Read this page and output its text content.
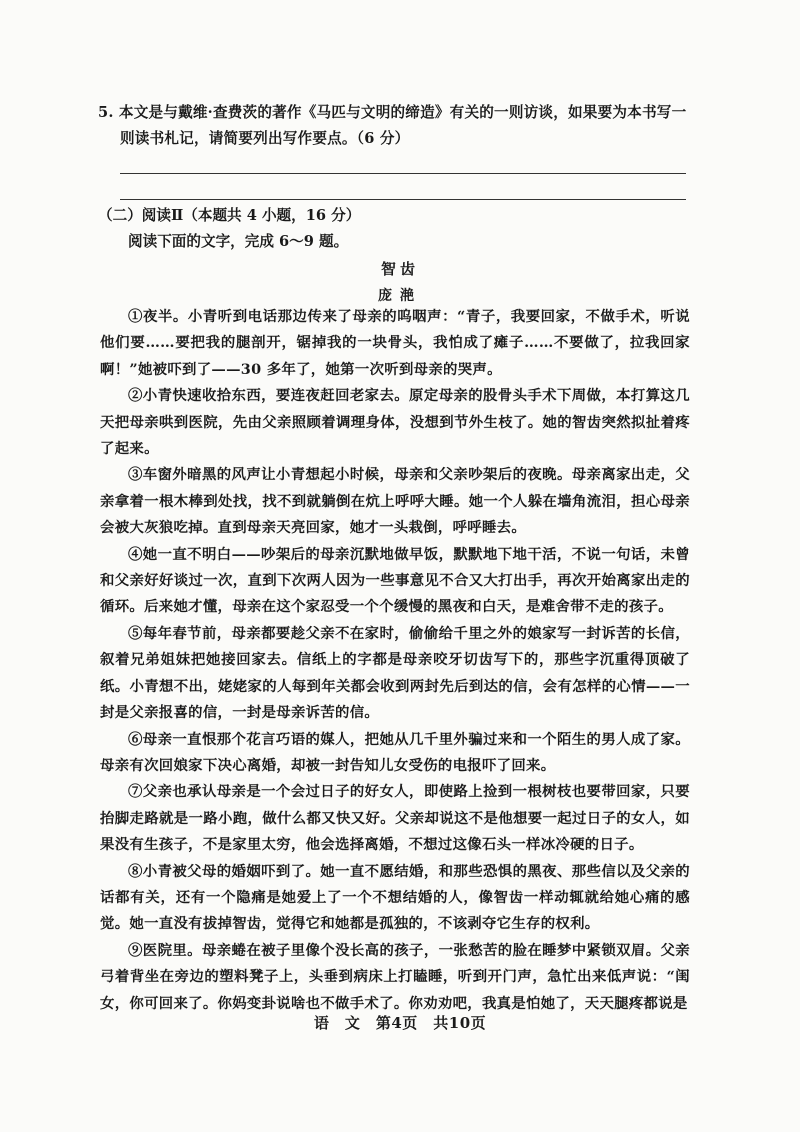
5. 本文是与戴维·查费茨的著作《马匹与文明的缔造》有关的一则访谈，如果要为本书写一
则读书札记，请简要列出写作要点。（6 分）
（二）阅读Ⅱ（本题共 4 小题，16 分）
阅读下面的文字，完成 6～9 题。
智齿
庞滟

①夜半。小青听到电话那边传来了母亲的呜咽声：“青子，我要回家，不做手术，听说他们要……要把我的腿剖开，锯掉我的一块骨头，我怕成了瘫子……不要做了，拉我回家啊！”她被吓到了——30 多年了，她第一次听到母亲的哭声。

②小青快速收拾东西，要连夜赶回老家去。原定母亲的股骨头手术下周做，本打算这几天把母亲哄到医院，先由父亲照顾着调理身体，没想到节外生枝了。她的智齿突然拟扯着疼了起来。

③车窗外暗黑的风声让小青想起小时候，母亲和父亲吵架后的夜晚。母亲离家出走，父亲拿着一根木棒到处找，找不到就躺倒在炕上呼呼大睡。她一个人躲在墙角流泪，担心母亲会被大灰狼吃掉。直到母亲天亮回家，她才一头栽倒，呼呼睡去。

④她一直不明白——吵架后的母亲沉默地做早饭，默默地下地干活，不说一句话，未曾和父亲好好谈过一次，直到下次两人因为一些事意见不合又大打出手，再次开始离家出走的循环。后来她才懂，母亲在这个家忍受一个个缓慢的黑夜和白天，是难舍带不走的孩子。

⑤每年春节前，母亲都要趁父亲不在家时，偷偷给千里之外的娘家写一封诉苦的长信，叙着兄弟姐妹把她接回家去。信纸上的字都是母亲咬牙切齿写下的，那些字沉重得顶破了纸。小青想不出，姥姥家的人每到年关都会收到两封先后到达的信，会有怎样的心情——一封是父亲报喜的信，一封是母亲诉苦的信。

⑥母亲一直恨那个花言巧语的媒人，把她从几千里外骗过来和一个陌生的男人成了家。母亲有次回娘家下决心离婚，却被一封告知儿女受伤的电报吓了回来。

⑦父亲也承认母亲是一个会过日子的好女人，即使路上捡到一根树枝也要带回家，只要抬脚走路就是一路小跑，做什么都又快又好。父亲却说这不是他想要一起过日子的女人，如果没有生孩子，不是家里太穷，他会选择离婚，不想过这像石头一样冰冷硬的日子。

⑧小青被父母的婚姻吓到了。她一直不愿结婚，和那些恐惧的黑夜、那些信以及父亲的话都有关，还有一个隐痛是她爱上了一个不想结婚的人，像智齿一样动辄就给她心痛的感觉。她一直没有拔掉智齿，觉得它和她都是孤独的，不该剥夺它生存的权利。

⑨医院里。母亲蜷在被子里像个没长高的孩子，一张愁苦的脸在睡梦中紧锁双眉。父亲弓着背坐在旁边的塑料凳子上，头垂到病床上打瞌睡，听到开门声，急忙出来低声说：“闺女，你可回来了。你妈变卦说啥也不做手术了。你劝劝吧，我真是怕她了，天天腿疼都说是

语　文　第4页　共10页
